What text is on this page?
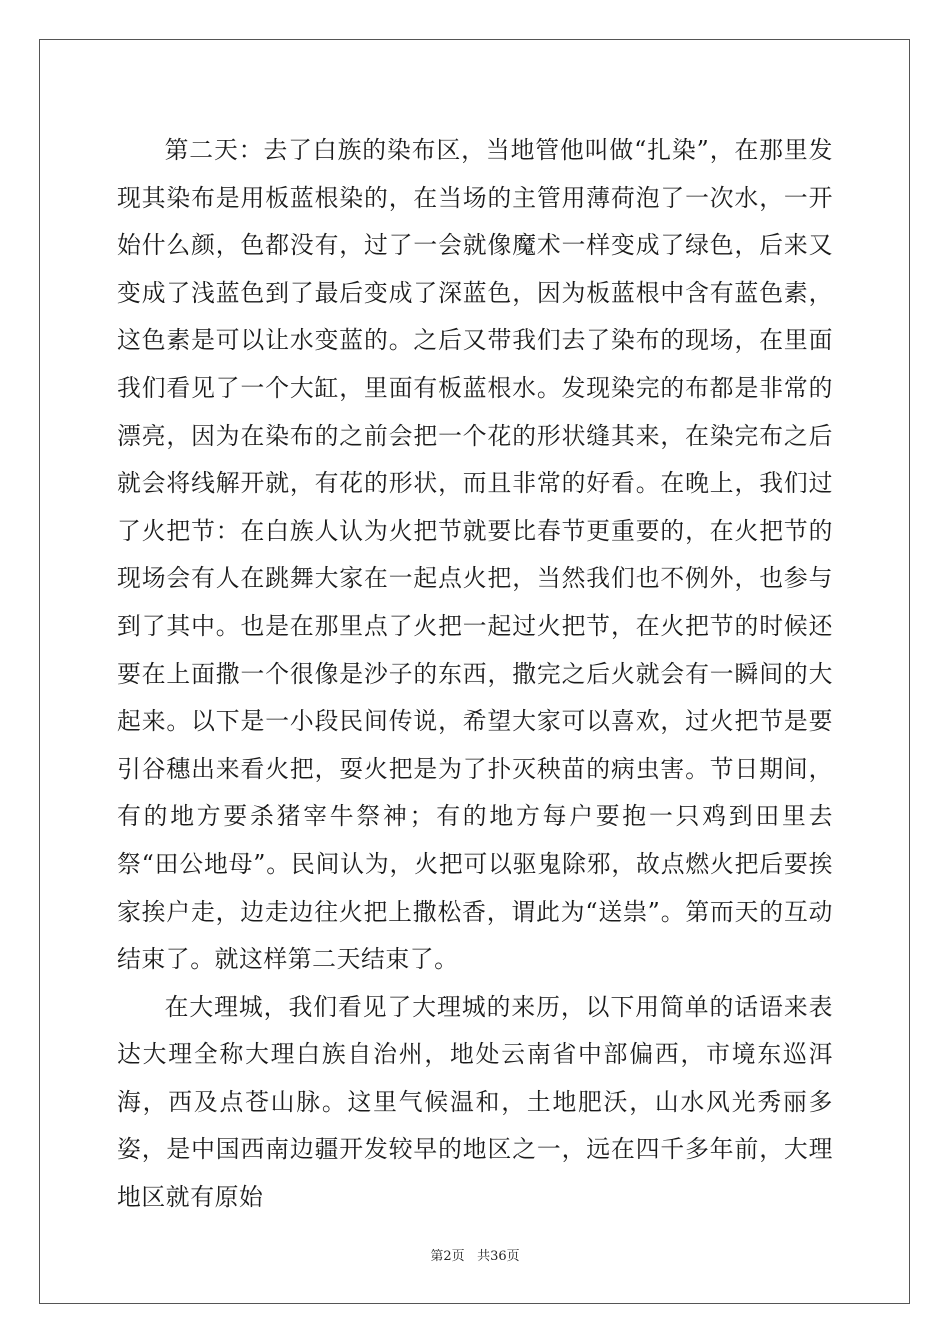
第二天：去了白族的染布区，当地管他叫做“扎染”，在那里发现其染布是用板蓝根染的，在当场的主管用薄荷泡了一次水，一开始什么颜，色都没有，过了一会就像魔术一样变成了绿色，后来又变成了浅蓝色到了最后变成了深蓝色，因为板蓝根中含有蓝色素，这色素是可以让水变蓝的。之后又带我们去了染布的现场，在里面我们看见了一个大缸，里面有板蓝根水。发现染完的布都是非常的漂亮，因为在染布的之前会把一个花的形状缝其来，在染完布之后就会将线解开就，有花的形状，而且非常的好看。在晚上，我们过了火把节：在白族人认为火把节就要比春节更重要的，在火把节的现场会有人在跳舞大家在一起点火把，当然我们也不例外，也参与到了其中。也是在那里点了火把一起过火把节，在火把节的时候还要在上面撒一个很像是沙子的东西，撒完之后火就会有一瞬间的大起来。以下是一小段民间传说，希望大家可以喜欢，过火把节是要引谷穗出来看火把，耍火把是为了扑灭秧苗的病虫害。节日期间，有的地方要杀猪宰牛祭神；有的地方每户要抱一只鸡到田里去祭“田公地母”。民间认为，火把可以驱鬼除邪，故点燃火把后要挨家挨户走，边走边往火把上撒松香，谓此为“送祟”。第而天的互动结束了。就这样第二天结束了。

在大理城，我们看见了大理城的来历，以下用简单的话语来表达大理全称大理白族自治州，地处云南省中部偏西，市境东巡洱海，西及点苍山脉。这里气候温和，土地肥沃，山水风光秀丽多姿，是中国西南边疆开发较早的地区之一，远在四千多年前，大理地区就有原始

第2页 共36页
